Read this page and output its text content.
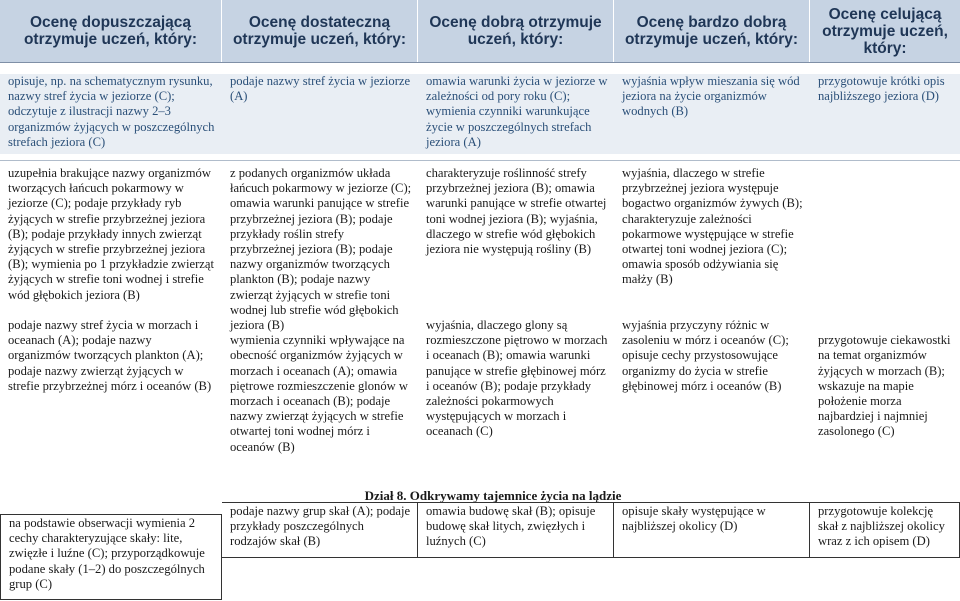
Ocenę dopuszczającą otrzymuje uczeń, który:
Ocenę dostateczną otrzymuje uczeń, który:
Ocenę dobrą otrzymuje uczeń, który:
Ocenę bardzo dobrą otrzymuje uczeń, który:
Ocenę celującą otrzymuje uczeń, który:
opisuje, np. na schematycznym rysunku, nazwy stref życia w jeziorze (C); odczytuje z ilustracji nazwy 2–3 organizmów żyjących w poszczególnych strefach jeziora (C)
podaje nazwy stref życia w jeziorze (A)
omawia warunki życia w jeziorze w zależności od pory roku (C); wymienia czynniki warunkujące życie w poszczególnych strefach jeziora (A)
wyjaśnia wpływ mieszania się wód jeziora na życie organizmów wodnych (B)
przygotowuje krótki opis najbliższego jeziora (D)
uzupełnia brakujące nazwy organizmów tworzących łańcuch pokarmowy w jeziorze (C); podaje przykłady ryb żyjących w strefie przybrzeżnej jeziora (B); podaje przykłady innych zwierząt żyjących w strefie przybrzeżnej jeziora (B); wymienia po 1 przykładzie zwierząt żyjących w strefie toni wodnej i strefie wód głębokich jeziora (B)

podaje nazwy stref życia w morzach i oceanach (A); podaje nazwy organizmów tworzących plankton (A); podaje nazwy zwierząt żyjących w strefie przybrzeżnej mórz i oceanów (B)
z podanych organizmów układa łańcuch pokarmowy w jeziorze (C); omawia warunki panujące w strefie przybrzeżnej jeziora (B); podaje przykłady roślin strefy przybrzeżnej jeziora (B); podaje nazwy organizmów tworzących plankton (B); podaje nazwy zwierząt żyjących w strefie toni wodnej lub strefie wód głębokich jeziora (B)
wymienia czynniki wpływające na obecność organizmów żyjących w morzach i oceanach (A); omawia piętrowe rozmieszczenie glonów w morzach i oceanach (B); podaje nazwy zwierząt żyjących w strefie otwartej toni wodnej mórz i oceanów (B)
charakteryzuje roślinność strefy przybrzeżnej jeziora (B); omawia warunki panujące w strefie otwartej toni wodnej jeziora (B); wyjaśnia, dlaczego w strefie wód głębokich jeziora nie występują rośliny (B)

wyjaśnia, dlaczego glony są rozmieszczone piętrowo w morzach i oceanach (B); omawia warunki panujące w strefie głębinowej mórz i oceanów (B); podaje przykłady zależności pokarmowych występujących w morzach i oceanach (C)
wyjaśnia, dlaczego w strefie przybrzeżnej jeziora występuje bogactwo organizmów żywych (B); charakteryzuje zależności pokarmowe występujące w strefie otwartej toni wodnej jeziora (C); omawia sposób odżywiania się małży (B)

wyjaśnia przyczyny różnic w zasoleniu w mórz i oceanów (C); opisuje cechy przystosowujące organizmy do życia w strefie głębinowej mórz i oceanów (B)

przygotowuje ciekawostki na temat organizmów żyjących w morzach (B); wskazuje na mapie położenie morza najbardziej i najmniej zasolonego (C)
Dział 8. Odkrywamy tajemnice życia na lądzie
na podstawie obserwacji wymienia 2 cechy charakteryzujące skały: lite, zwięzłe i luźne (C); przyporządkowuje podane skały (1–2) do poszczególnych grup (C)
podaje nazwy grup skał (A); podaje przykłady poszczególnych rodzajów skał (B)
omawia budowę skał (B); opisuje budowę skał litych, zwięzłych i luźnych (C)
opisuje skały występujące w najbliższej okolicy (D)
przygotowuje kolekcję skał z najbliższej okolicy wraz z ich opisem (D)
